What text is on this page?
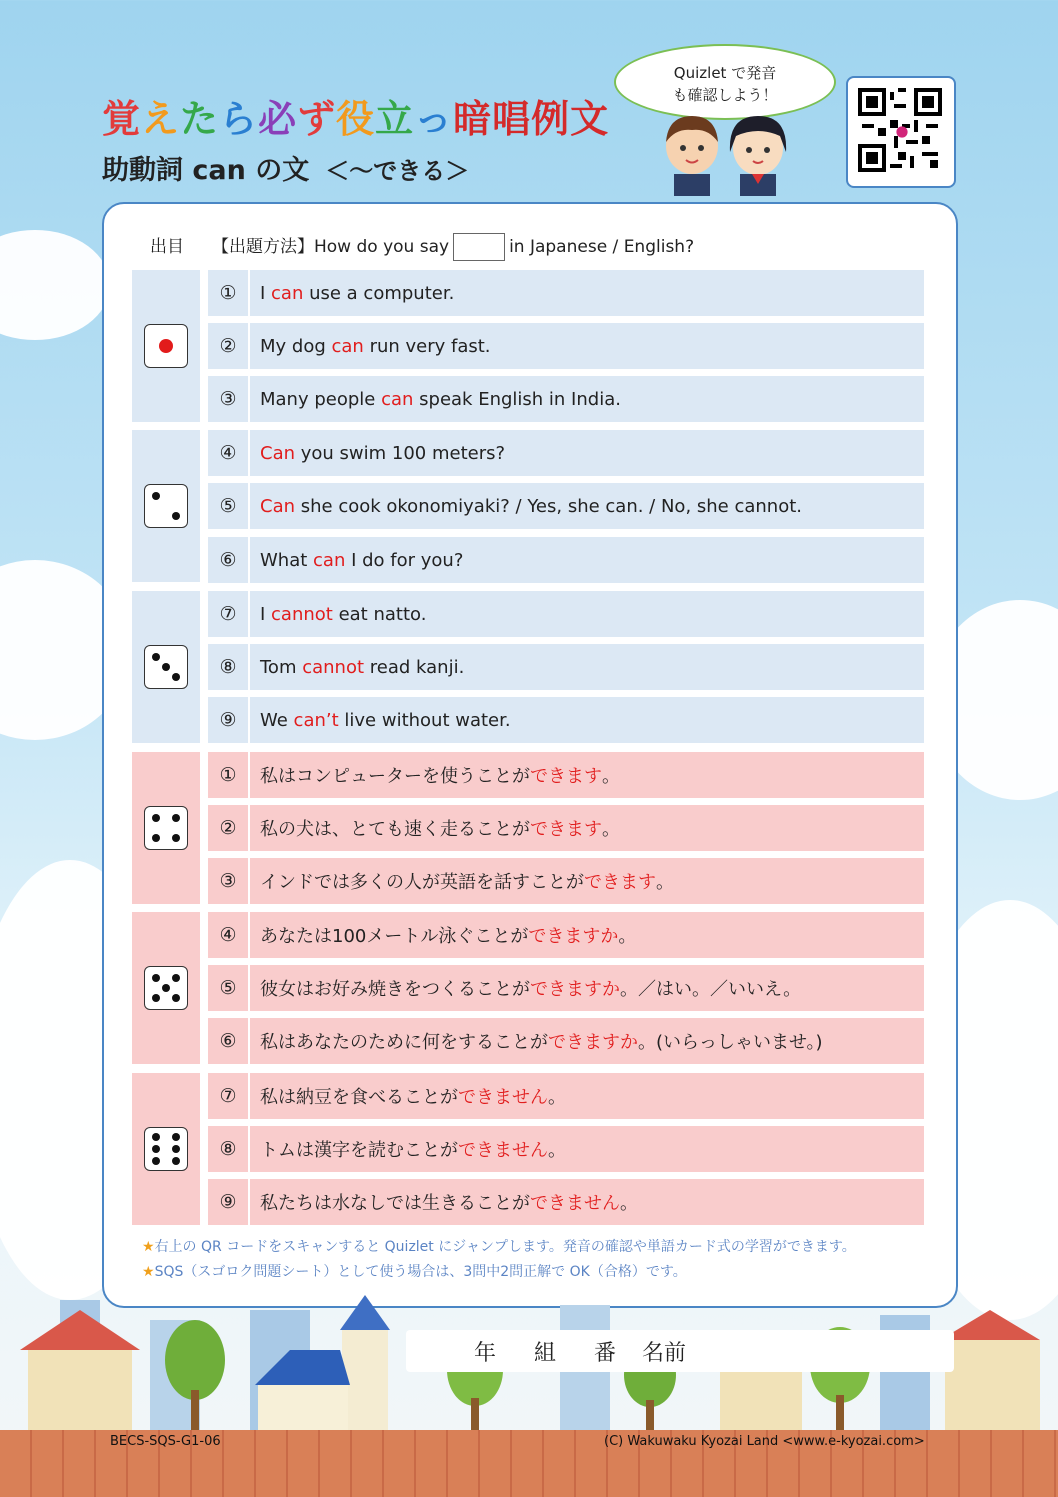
覚えたら必ず役立っ暗唱例文
助動詞 can の文 ＜〜できる＞
Quizlet で発音
も確認しよう！
出目 【出題方法】How do you say	in Japanese / English?
①	I can use a computer.
②	My dog can run very fast.
③	Many people can speak English in India.
④	Can you swim 100 meters?
⑤	Can she cook okonomiyaki? / Yes, she can. / No, she cannot.
⑥	What can I do for you?
⑦	I cannot eat natto.
⑧	Tom cannot read kanji.
⑨	We can’t live without water.
①	私はコンピューターを使うことが できます 。
②	私の犬は、とても速く走ることが できます 。
③	インドでは多くの人が英語を話すことが できます 。
④	あなたは100メートル泳ぐことが できますか 。
⑤	彼女はお好み焼きをつくることが できますか 。／はい。／いいえ。
⑥	私はあなたのために何をすることが できますか 。(いらっしゃいませ。)
⑦	私は納豆を食べることが できません 。
⑧	トムは漢字を読むことが できません 。
⑨	私たちは水なしでは生きることが できません 。
★右上の QR コードをスキャンすると Quizlet にジャンプします。発音の確認や単語カード式の学習ができます。
★SQS（スゴロク問題シート）として使う場合は、3問中2問正解で OK（合格）です。
年 組 番 名前
BECS-SQS-G1-06	(C) Wakuwaku Kyozai Land <www.e-kyozai.com>
